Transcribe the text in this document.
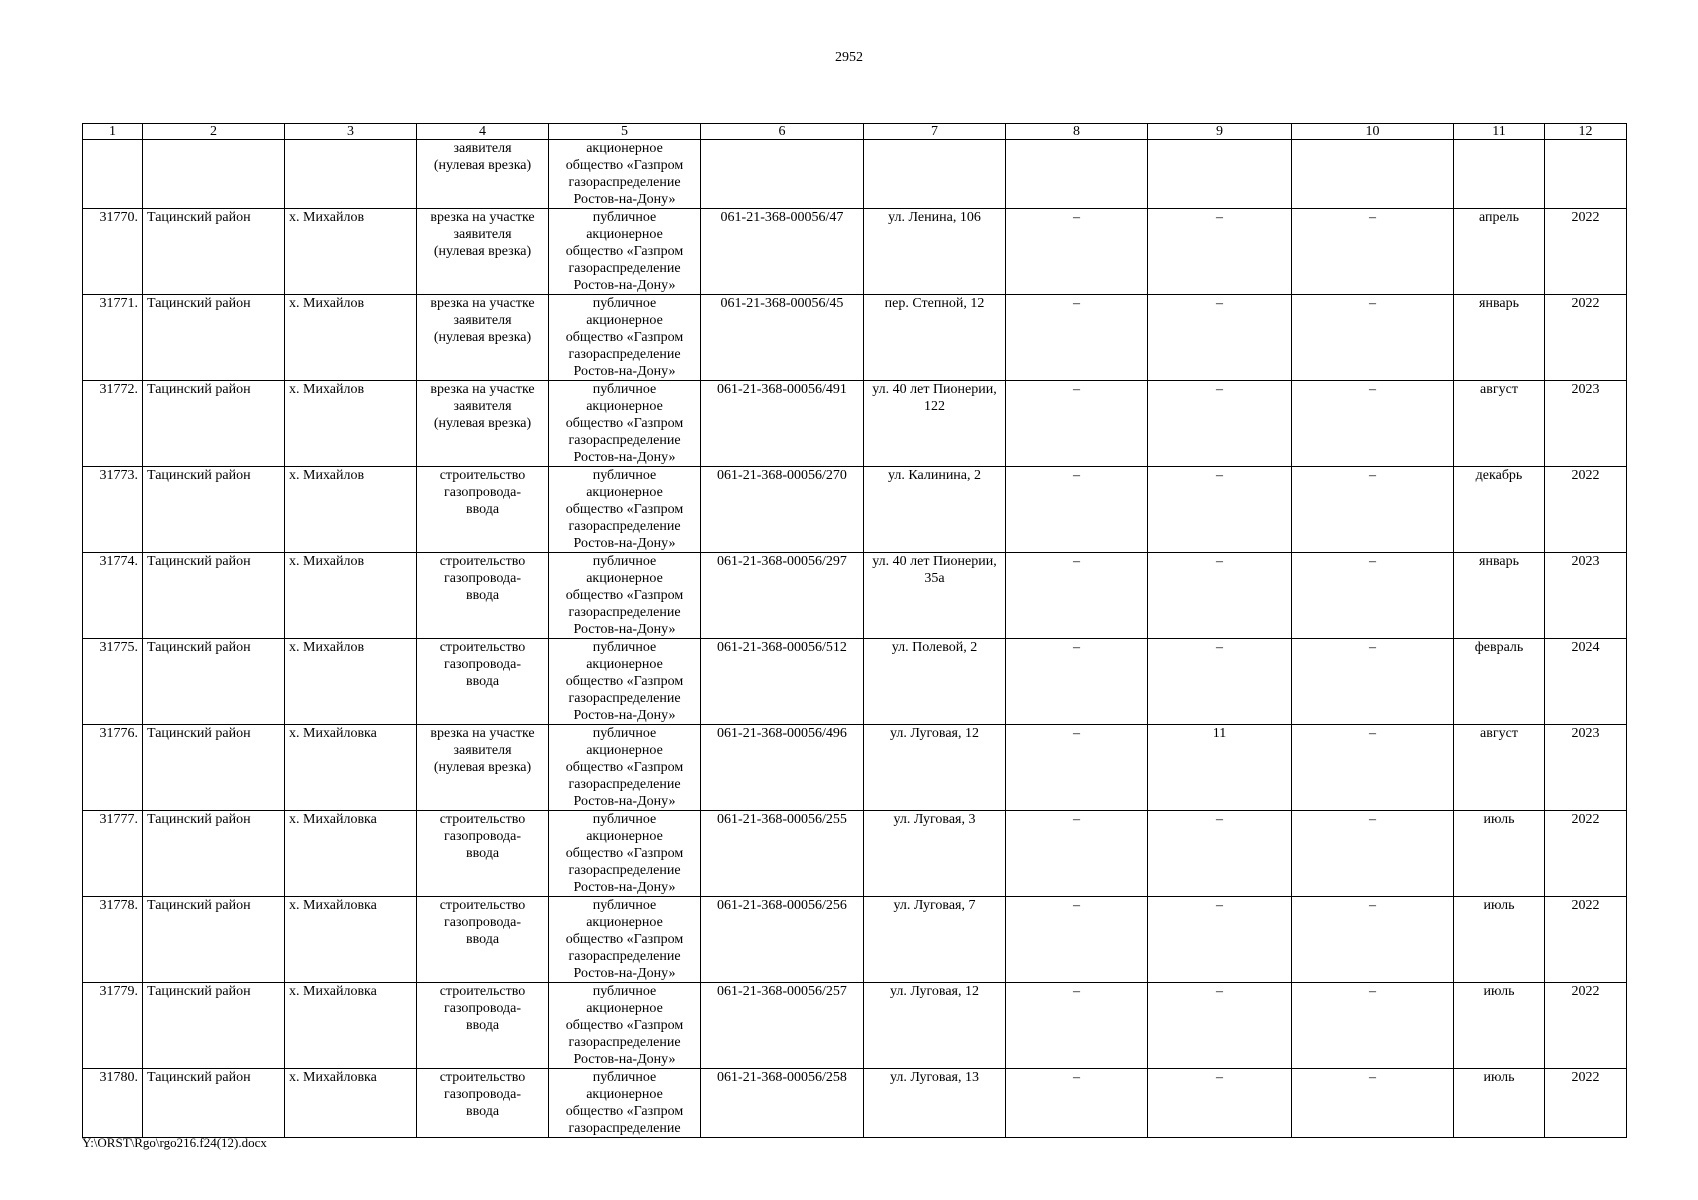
2952
1	2	3	4	5	6	7	8	9	10	11	12
			заявителя
(нулевая врезка)	акционерное
общество «Газпром
газораспределение
Ростов-на-Дону»							
31770.	Тацинский район	х. Михайлов	врезка на участке
заявителя
(нулевая врезка)	публичное
акционерное
общество «Газпром
газораспределение
Ростов-на-Дону»	061-21-368-00056/47	ул. Ленина, 106	–	–	–	апрель	2022
31771.	Тацинский район	х. Михайлов	врезка на участке
заявителя
(нулевая врезка)	публичное
акционерное
общество «Газпром
газораспределение
Ростов-на-Дону»	061-21-368-00056/45	пер. Степной, 12	–	–	–	январь	2022
31772.	Тацинский район	х. Михайлов	врезка на участке
заявителя
(нулевая врезка)	публичное
акционерное
общество «Газпром
газораспределение
Ростов-на-Дону»	061-21-368-00056/491	ул. 40 лет Пионерии,
122	–	–	–	август	2023
31773.	Тацинский район	х. Михайлов	строительство
газопровода-
ввода	публичное
акционерное
общество «Газпром
газораспределение
Ростов-на-Дону»	061-21-368-00056/270	ул. Калинина, 2	–	–	–	декабрь	2022
31774.	Тацинский район	х. Михайлов	строительство
газопровода-
ввода	публичное
акционерное
общество «Газпром
газораспределение
Ростов-на-Дону»	061-21-368-00056/297	ул. 40 лет Пионерии,
35а	–	–	–	январь	2023
31775.	Тацинский район	х. Михайлов	строительство
газопровода-
ввода	публичное
акционерное
общество «Газпром
газораспределение
Ростов-на-Дону»	061-21-368-00056/512	ул. Полевой, 2	–	–	–	февраль	2024
31776.	Тацинский район	х. Михайловка	врезка на участке
заявителя
(нулевая врезка)	публичное
акционерное
общество «Газпром
газораспределение
Ростов-на-Дону»	061-21-368-00056/496	ул. Луговая, 12	–	11	–	август	2023
31777.	Тацинский район	х. Михайловка	строительство
газопровода-
ввода	публичное
акционерное
общество «Газпром
газораспределение
Ростов-на-Дону»	061-21-368-00056/255	ул. Луговая, 3	–	–	–	июль	2022
31778.	Тацинский район	х. Михайловка	строительство
газопровода-
ввода	публичное
акционерное
общество «Газпром
газораспределение
Ростов-на-Дону»	061-21-368-00056/256	ул. Луговая, 7	–	–	–	июль	2022
31779.	Тацинский район	х. Михайловка	строительство
газопровода-
ввода	публичное
акционерное
общество «Газпром
газораспределение
Ростов-на-Дону»	061-21-368-00056/257	ул. Луговая, 12	–	–	–	июль	2022
31780.	Тацинский район	х. Михайловка	строительство
газопровода-
ввода	публичное
акционерное
общество «Газпром
газораспределение	061-21-368-00056/258	ул. Луговая, 13	–	–	–	июль	2022
Y:\ORST\Rgo\rgo216.f24(12).docx
